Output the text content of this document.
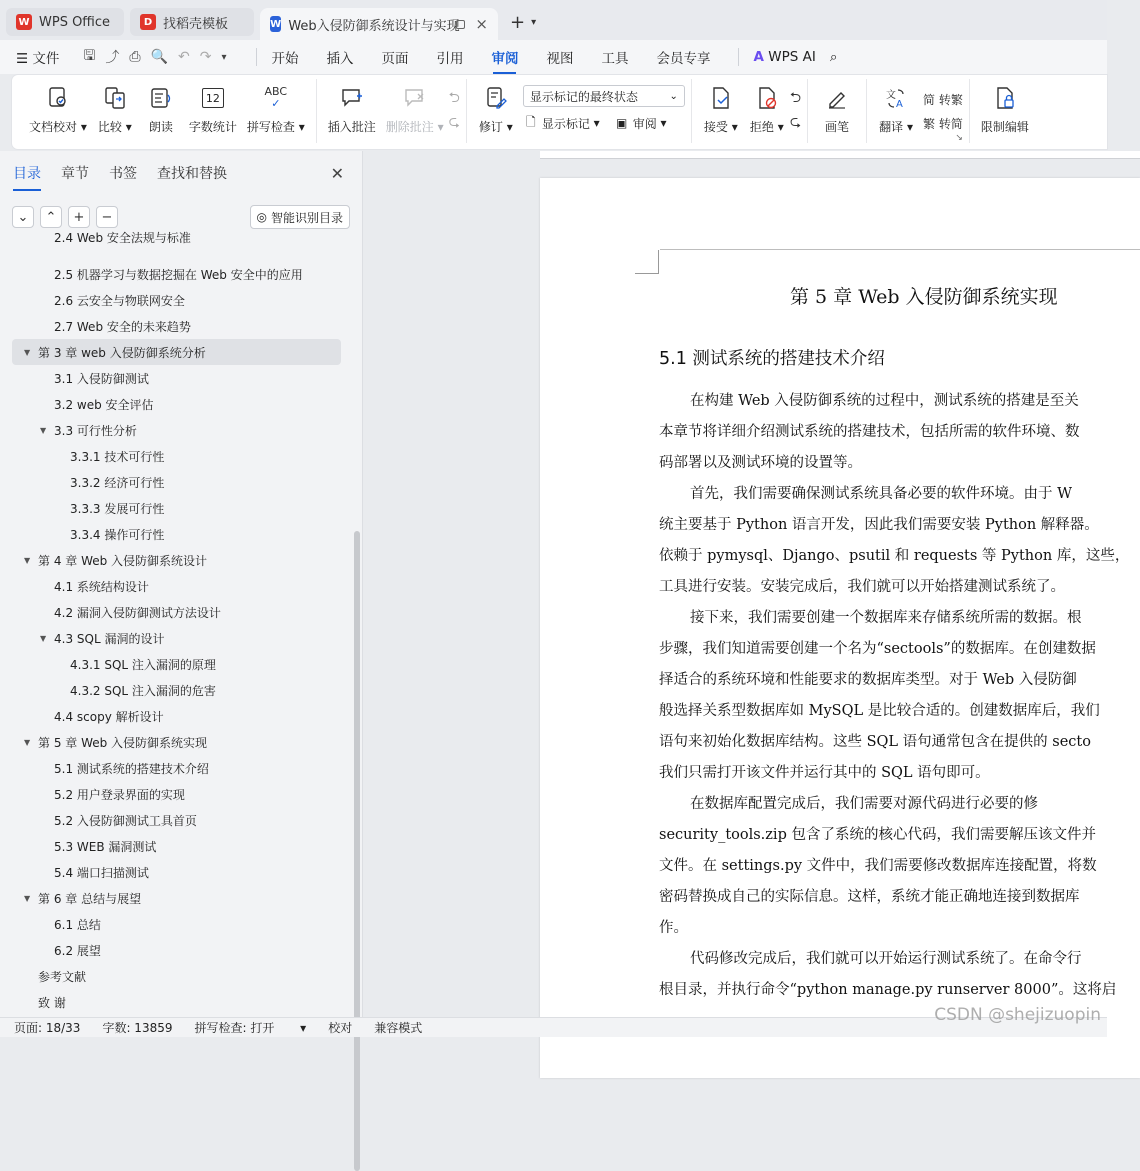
W WPS Office	D 找稻壳模板	W Web入侵防御系统设计与实现 × + ▾
☰ 文件 🖫 ⤴ ⎙ 🔍 ↶ ↷ ▾	开始 插入 页面 引用 审阅 视图 工具 会员专享	A WPS AI ⌕
文档校对 ▾ 比较 ▾ 朗读
12
字数统计
ABC
✓
拼写检查 ▾ 插入批注 删除批注 ▾
⮌
⮎ 修订 ▾
显示标记的最终状态	⌄
🗋 显示标记 ▾ ▣ 审阅 ▾	接受 ▾ 拒绝 ▾
⮌
⮎ 画笔
文
A
翻译 ▾
简 转繁
繁 转简
↘
限制编辑
目录 章节 书签 查找和替换	✕
⌄ ⌃ + −	◎ 智能识别目录
2.4 Web 安全法规与标准
2.5 机器学习与数据挖掘在 Web 安全中的应用
2.6 云安全与物联网安全
2.7 Web 安全的未来趋势
▼ 第 3 章 web 入侵防御系统分析
3.1 入侵防御测试
3.2 web 安全评估
▼ 3.3 可行性分析
3.3.1 技术可行性
3.3.2 经济可行性
3.3.3 发展可行性
3.3.4 操作可行性
▼ 第 4 章 Web 入侵防御系统设计
4.1 系统结构设计
4.2 漏洞入侵防御测试方法设计
▼ 4.3 SQL 漏洞的设计
4.3.1 SQL 注入漏洞的原理
4.3.2 SQL 注入漏洞的危害
4.4 scopy 解析设计
▼ 第 5 章 Web 入侵防御系统实现
5.1 测试系统的搭建技术介绍
5.2 用户登录界面的实现
5.2 入侵防御测试工具首页
5.3 WEB 漏洞测试
5.4 端口扫描测试
▼ 第 6 章 总结与展望
6.1 总结
6.2 展望
参考文献
致 谢
第 5 章 Web 入侵防御系统实现
5.1 测试系统的搭建技术介绍
在构建 Web 入侵防御系统的过程中，测试系统的搭建是至关
本章节将详细介绍测试系统的搭建技术，包括所需的软件环境、数
码部署以及测试环境的设置等。
首先，我们需要确保测试系统具备必要的软件环境。由于 W
统主要基于 Python 语言开发，因此我们需要安装 Python 解释器。
依赖于 pymysql、Django、psutil 和 requests 等 Python 库，这些，
工具进行安装。安装完成后，我们就可以开始搭建测试系统了。
接下来，我们需要创建一个数据库来存储系统所需的数据。根
步骤，我们知道需要创建一个名为“sectools”的数据库。在创建数据
择适合的系统环境和性能要求的数据库类型。对于 Web 入侵防御
般选择关系型数据库如 MySQL 是比较合适的。创建数据库后，我们
语句来初始化数据库结构。这些 SQL 语句通常包含在提供的 secto
我们只需打开该文件并运行其中的 SQL 语句即可。
在数据库配置完成后，我们需要对源代码进行必要的修
security_tools.zip 包含了系统的核心代码，我们需要解压该文件并
文件。在 settings.py 文件中，我们需要修改数据库连接配置，将数
密码替换成自己的实际信息。这样，系统才能正确地连接到数据库
作。
代码修改完成后，我们就可以开始运行测试系统了。在命令行
根目录，并执行命令“python manage.py runserver 8000”。这将启
页面: 18/33 字数: 13859 拼写检查: 打开 ▾ 校对 兼容模式
CSDN @shejizuopin
